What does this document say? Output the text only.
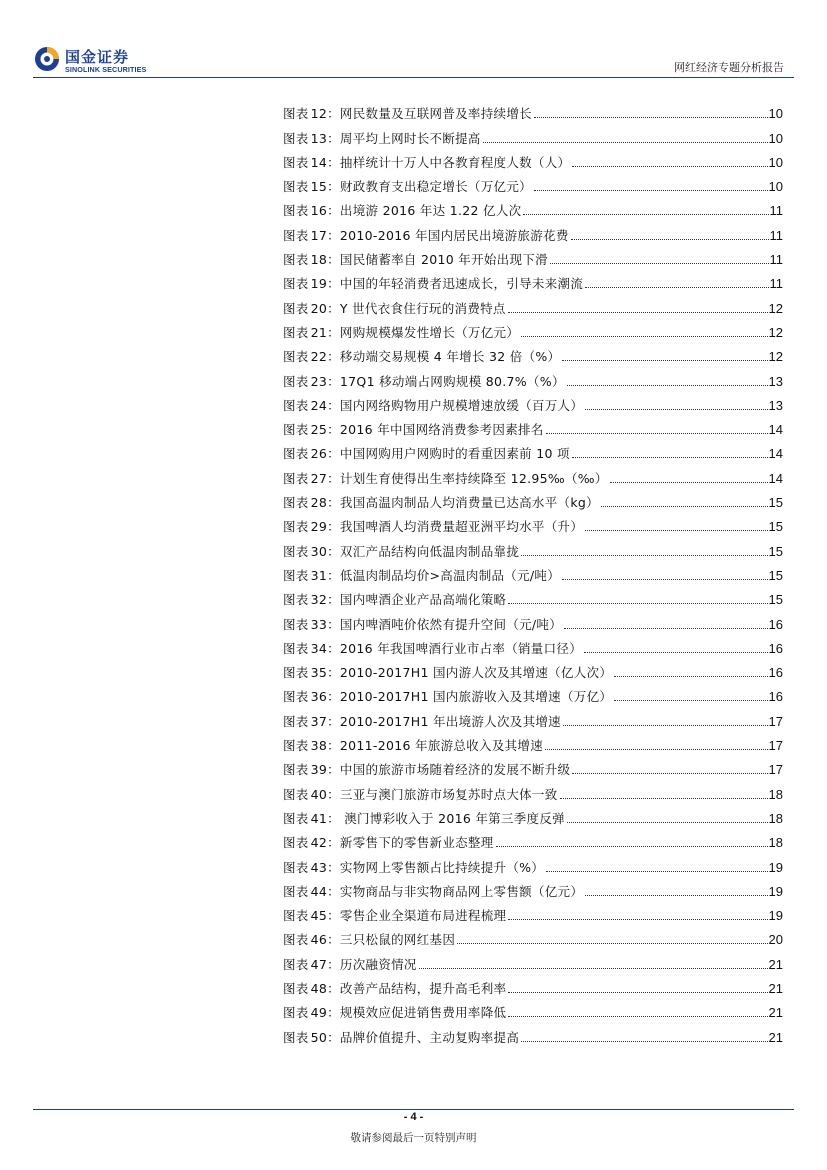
国金证券
SINOLINK SECURITIES	网红经济专题分析报告
图表 12：网民数量及互联网普及率持续增长	10
图表 13：周平均上网时长不断提高	10
图表 14：抽样统计十万人中各教育程度人数（人）	10
图表 15：财政教育支出稳定增长（万亿元）	10
图表 16：出境游 2016 年达 1.22 亿人次	11
图表 17：2010-2016 年国内居民出境游旅游花费	11
图表 18：国民储蓄率自 2010 年开始出现下滑	11
图表 19：中国的年轻消费者迅速成长，引导未来潮流	11
图表 20：Y 世代衣食住行玩的消费特点	12
图表 21：网购规模爆发性增长（万亿元）	12
图表 22：移动端交易规模 4 年增长 32 倍（%）	12
图表 23：17Q1 移动端占网购规模 80.7%（%）	13
图表 24：国内网络购物用户规模增速放缓（百万人）	13
图表 25：2016 年中国网络消费参考因素排名	14
图表 26：中国网购用户网购时的看重因素前 10 项	14
图表 27：计划生育使得出生率持续降至 12.95‰（‰）	14
图表 28：我国高温肉制品人均消费量已达高水平（kg）	15
图表 29：我国啤酒人均消费量超亚洲平均水平（升）	15
图表 30：双汇产品结构向低温肉制品靠拢	15
图表 31：低温肉制品均价>高温肉制品（元/吨）	15
图表 32：国内啤酒企业产品高端化策略	15
图表 33：国内啤酒吨价依然有提升空间（元/吨）	16
图表 34：2016 年我国啤酒行业市占率（销量口径）	16
图表 35：2010-2017H1 国内游人次及其增速（亿人次）	16
图表 36：2010-2017H1 国内旅游收入及其增速（万亿）	16
图表 37：2010-2017H1 年出境游人次及其增速	17
图表 38：2011-2016 年旅游总收入及其增速	17
图表 39：中国的旅游市场随着经济的发展不断升级	17
图表 40：三亚与澳门旅游市场复苏时点大体一致	18
图表 41： 澳门博彩收入于 2016 年第三季度反弹	18
图表 42：新零售下的零售新业态整理	18
图表 43：实物网上零售额占比持续提升（%）	19
图表 44：实物商品与非实物商品网上零售额（亿元）	19
图表 45：零售企业全渠道布局进程梳理	19
图表 46：三只松鼠的网红基因	20
图表 47：历次融资情况	21
图表 48：改善产品结构，提升高毛利率	21
图表 49：规模效应促进销售费用率降低	21
图表 50：品牌价值提升、主动复购率提高	21
- 4 -
敬请参阅最后一页特别声明
